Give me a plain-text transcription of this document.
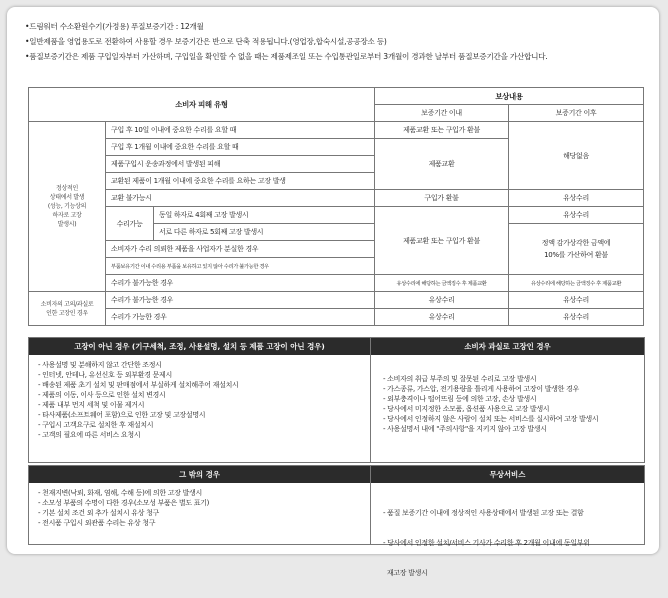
•드림워터 수소환원수기(가정용) 푸질보증기간 : 12개월
•일반제품을 영업용도로 전환하여 사용할 경우 보증기간은 반으로 단축 적용됩니다.(영업장,합숙시설,공공장소 등)
•품질보증기간은 제품 구입일자부터 가산하며, 구입일을 확인할 수 없을 때는 제품제조일 또는 수입통관일로부터 3개월이 경과한 날부터 품질보증기간을 가산합니다.
소비자 피해 유형			보상내용	
			보증기간 이내	보증기간 이후
정상적인
상태에서 발생
(성능, 기능상의
하자로 고장
발생시)	구입 후 10일 이내에 중요한 수리를 요할 때		제품교환 또는 구입가 환불	해당없음
	구입 후 1개월 이내에 중요한 수리를 요할 때		제품교환	
	제품구입시 운송과정에서 발생된 피해			
	교환된 제품이 1개월 이내에 중요한 수리를 요하는 고장 발생			
	교환 불가능시		구입가 환불	유상수리
	수리가능	동일 하자로 4회째 고장 발생시	제품교환 또는 구입가 환불	유상수리
		서로 다른 하자로 5회째 고장 발생시		정액 감가상각한 금액에
10%를 가산하여 환불
	소비자가 수리 의뢰한 제품을 사업자가 분실한 경우			
	부품보유기간 이내 수리용 부품을 보유하고 있지 않아 수리가 불가능한 경우			
	수리가 불가능한 경우		유상수리에 해당하는 금액징수 후 제품교환	유상수리에 해당하는 금액징수 후 제품교환
소비자의 고의/과실로
인한 고장인 경우	수리가 불가능한 경우		유상수리	유상수리
	수리가 가능한 경우		유상수리	유상수리
고장이 아닌 경우 (기구세척, 조정, 사용설명, 설치 등 제품 고장이 아닌 경우)	소비자 과실로 고장인 경우
- 사용설명 및 분해하지 않고 간단한 조정시
- 인터넷, 안테나, 유선신호 등 외부환경 문제시
- 배송된 제품 초기 설치 및 판매점에서 부실하게 설치해주어 재설치시
- 제품의 이동, 이사 등으로 인한 설치 변경시
- 제품 내부 먼지 세척 및 이물 제거시
- 타사제품(소프트웨어 포함)으로 인한 고장 및 고장설명시
- 구입시 고객요구로 설치한 후 재설치시
- 고객의 필요에 따른 서비스 요청시
- 소비자의 취급 부주의 및 잘못된 수리로 고장 발생시
- 가스종류, 가스압, 전기용량을 틀리게 사용하여 고장이 발생한 경우
- 외부충격이나 떨어뜨림 등에 의한 고장, 손상 발생시
- 당사에서 미지정한 소모품, 옵션품 사용으로 고장 발생시
- 당사에서 인정하지 않은 사람이 설치 또는 서비스를 실시하여 고장 발생시
- 사용설명서 내에 "주의사항"을 지키지 않아 고장 발생시
그 밖의 경우	무상서비스
- 천재지변(낙뢰, 화재, 염해, 수해 등)에 의한 고장 발생시
- 소모성 부품의 수명이 다한 경우(소모성 부품은 별도 표기)
- 기본 설치 조건 외 추가 설치시 유상 청구
- 전시품 구입시 외관품 수리는 유상 청구

- 품질 보증기간 이내에 정상적인 사용상태에서 발생된 고장 또는 결함

- 당사에서 인정한 설치/서비스 기사가 수리한 후 2개월 이내에 동일부위

재고장 발생시
